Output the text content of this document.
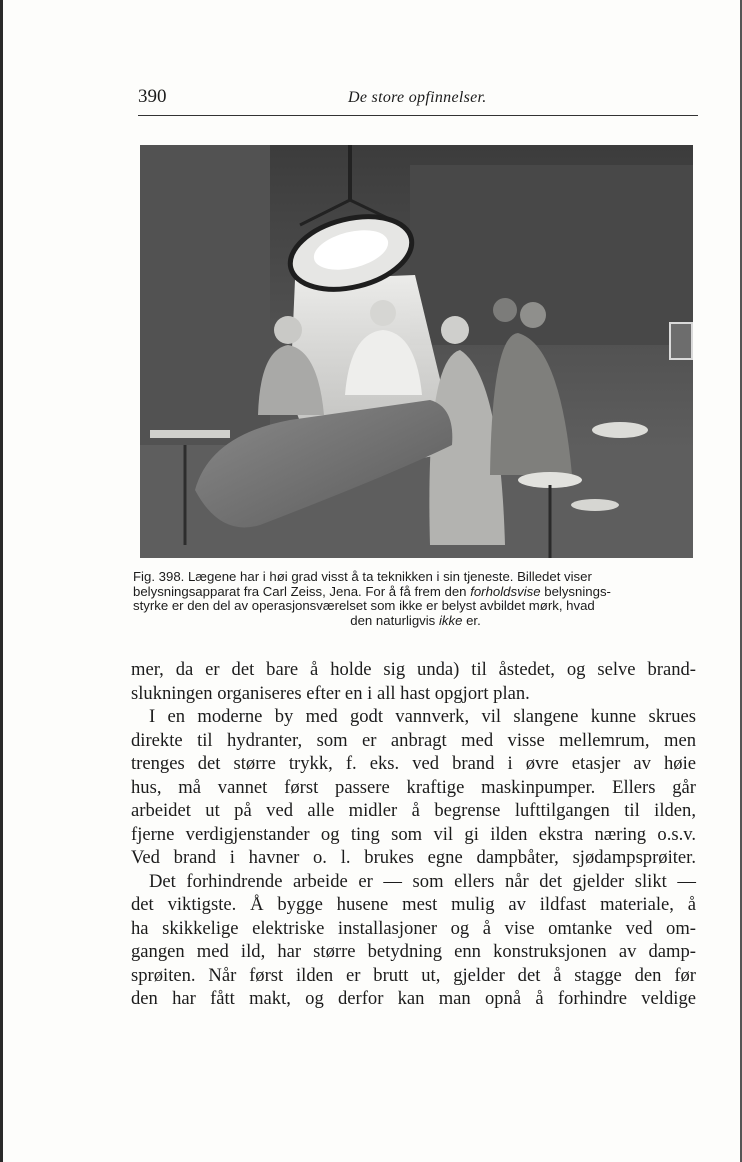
390	De store opfinnelser.
Fig. 398. Lægene har i høi grad visst å ta teknikken i sin tjeneste. Billedet viser
belysningsapparat fra Carl Zeiss, Jena. For å få frem den forholdsvise belysnings-
styrke er den del av operasjonsværelset som ikke er belyst avbildet mørk, hvad
den naturligvis ikke er.
mer, da er det bare å holde sig unda) til åstedet, og selve brand-
slukningen organiseres efter en i all hast opgjort plan.
I en moderne by med godt vannverk, vil slangene kunne skrues
direkte til hydranter, som er anbragt med visse mellemrum, men
trenges det større trykk, f. eks. ved brand i øvre etasjer av høie
hus, må vannet først passere kraftige maskinpumper. Ellers går
arbeidet ut på ved alle midler å begrense lufttilgangen til ilden,
fjerne verdigjenstander og ting som vil gi ilden ekstra næring o.s.v.
Ved brand i havner o. l. brukes egne dampbåter, sjødampsprøiter.
Det forhindrende arbeide er — som ellers når det gjelder slikt —
det viktigste. Å bygge husene mest mulig av ildfast materiale, å
ha skikkelige elektriske installasjoner og å vise omtanke ved om-
gangen med ild, har større betydning enn konstruksjonen av damp-
sprøiten. Når først ilden er brutt ut, gjelder det å stagge den før
den har fått makt, og derfor kan man opnå å forhindre veldige
